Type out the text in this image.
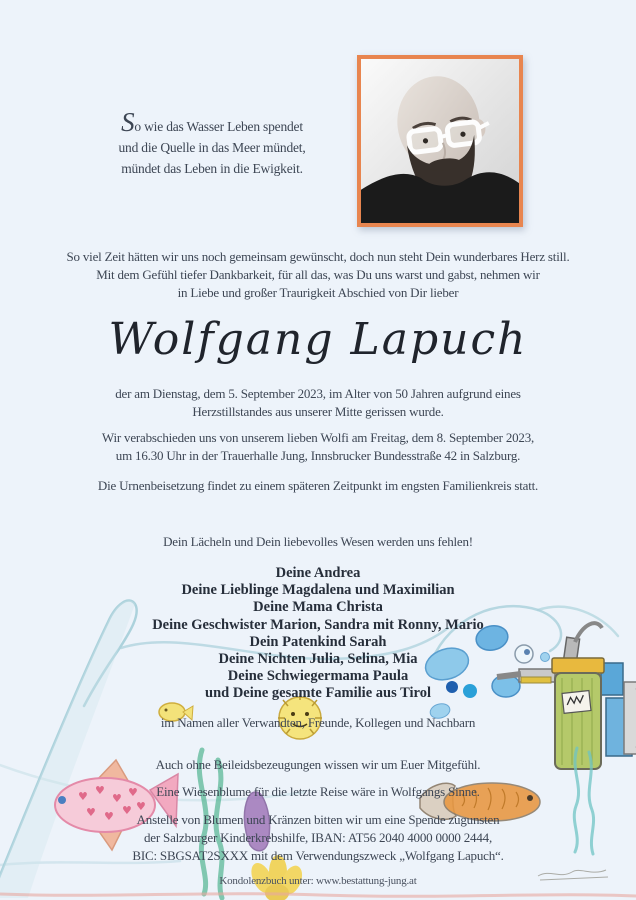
♥ ♥
♥ ♥
♥ ♥ ♥ ♥
So wie das Wasser Leben spendet
und die Quelle in das Meer mündet,
mündet das Leben in die Ewigkeit.
So viel Zeit hätten wir uns noch gemeinsam gewünscht, doch nun steht Dein wunderbares Herz still.
Mit dem Gefühl tiefer Dankbarkeit, für all das, was Du uns warst und gabst, nehmen wir
in Liebe und großer Traurigkeit Abschied von Dir lieber
Wolfgang Lapuch
der am Dienstag, dem 5. September 2023, im Alter von 50 Jahren aufgrund eines
Herzstillstandes aus unserer Mitte gerissen wurde.
Wir verabschieden uns von unserem lieben Wolfi am Freitag, dem 8. September 2023,
um 16.30 Uhr in der Trauerhalle Jung, Innsbrucker Bundesstraße 42 in Salzburg.
Die Urnenbeisetzung findet zu einem späteren Zeitpunkt im engsten Familienkreis statt.
Dein Lächeln und Dein liebevolles Wesen werden uns fehlen!
Deine Andrea
Deine Lieblinge Magdalena und Maximilian
Deine Mama Christa
Deine Geschwister Marion, Sandra mit Ronny, Mario
Dein Patenkind Sarah
Deine Nichten Julia, Selina, Mia
Deine Schwiegermama Paula
und Deine gesamte Familie aus Tirol
im Namen aller Verwandten, Freunde, Kollegen und Nachbarn
Auch ohne Beileidsbezeugungen wissen wir um Euer Mitgefühl.
Eine Wiesenblume für die letzte Reise wäre in Wolfgangs Sinne.
Anstelle von Blumen und Kränzen bitten wir um eine Spende zugunsten
der Salzburger Kinderkrebshilfe, IBAN: AT56 2040 4000 0000 2444,
BIC: SBGSAT2SXXX mit dem Verwendungszweck „Wolfgang Lapuch“.
Kondolenzbuch unter: www.bestattung-jung.at
